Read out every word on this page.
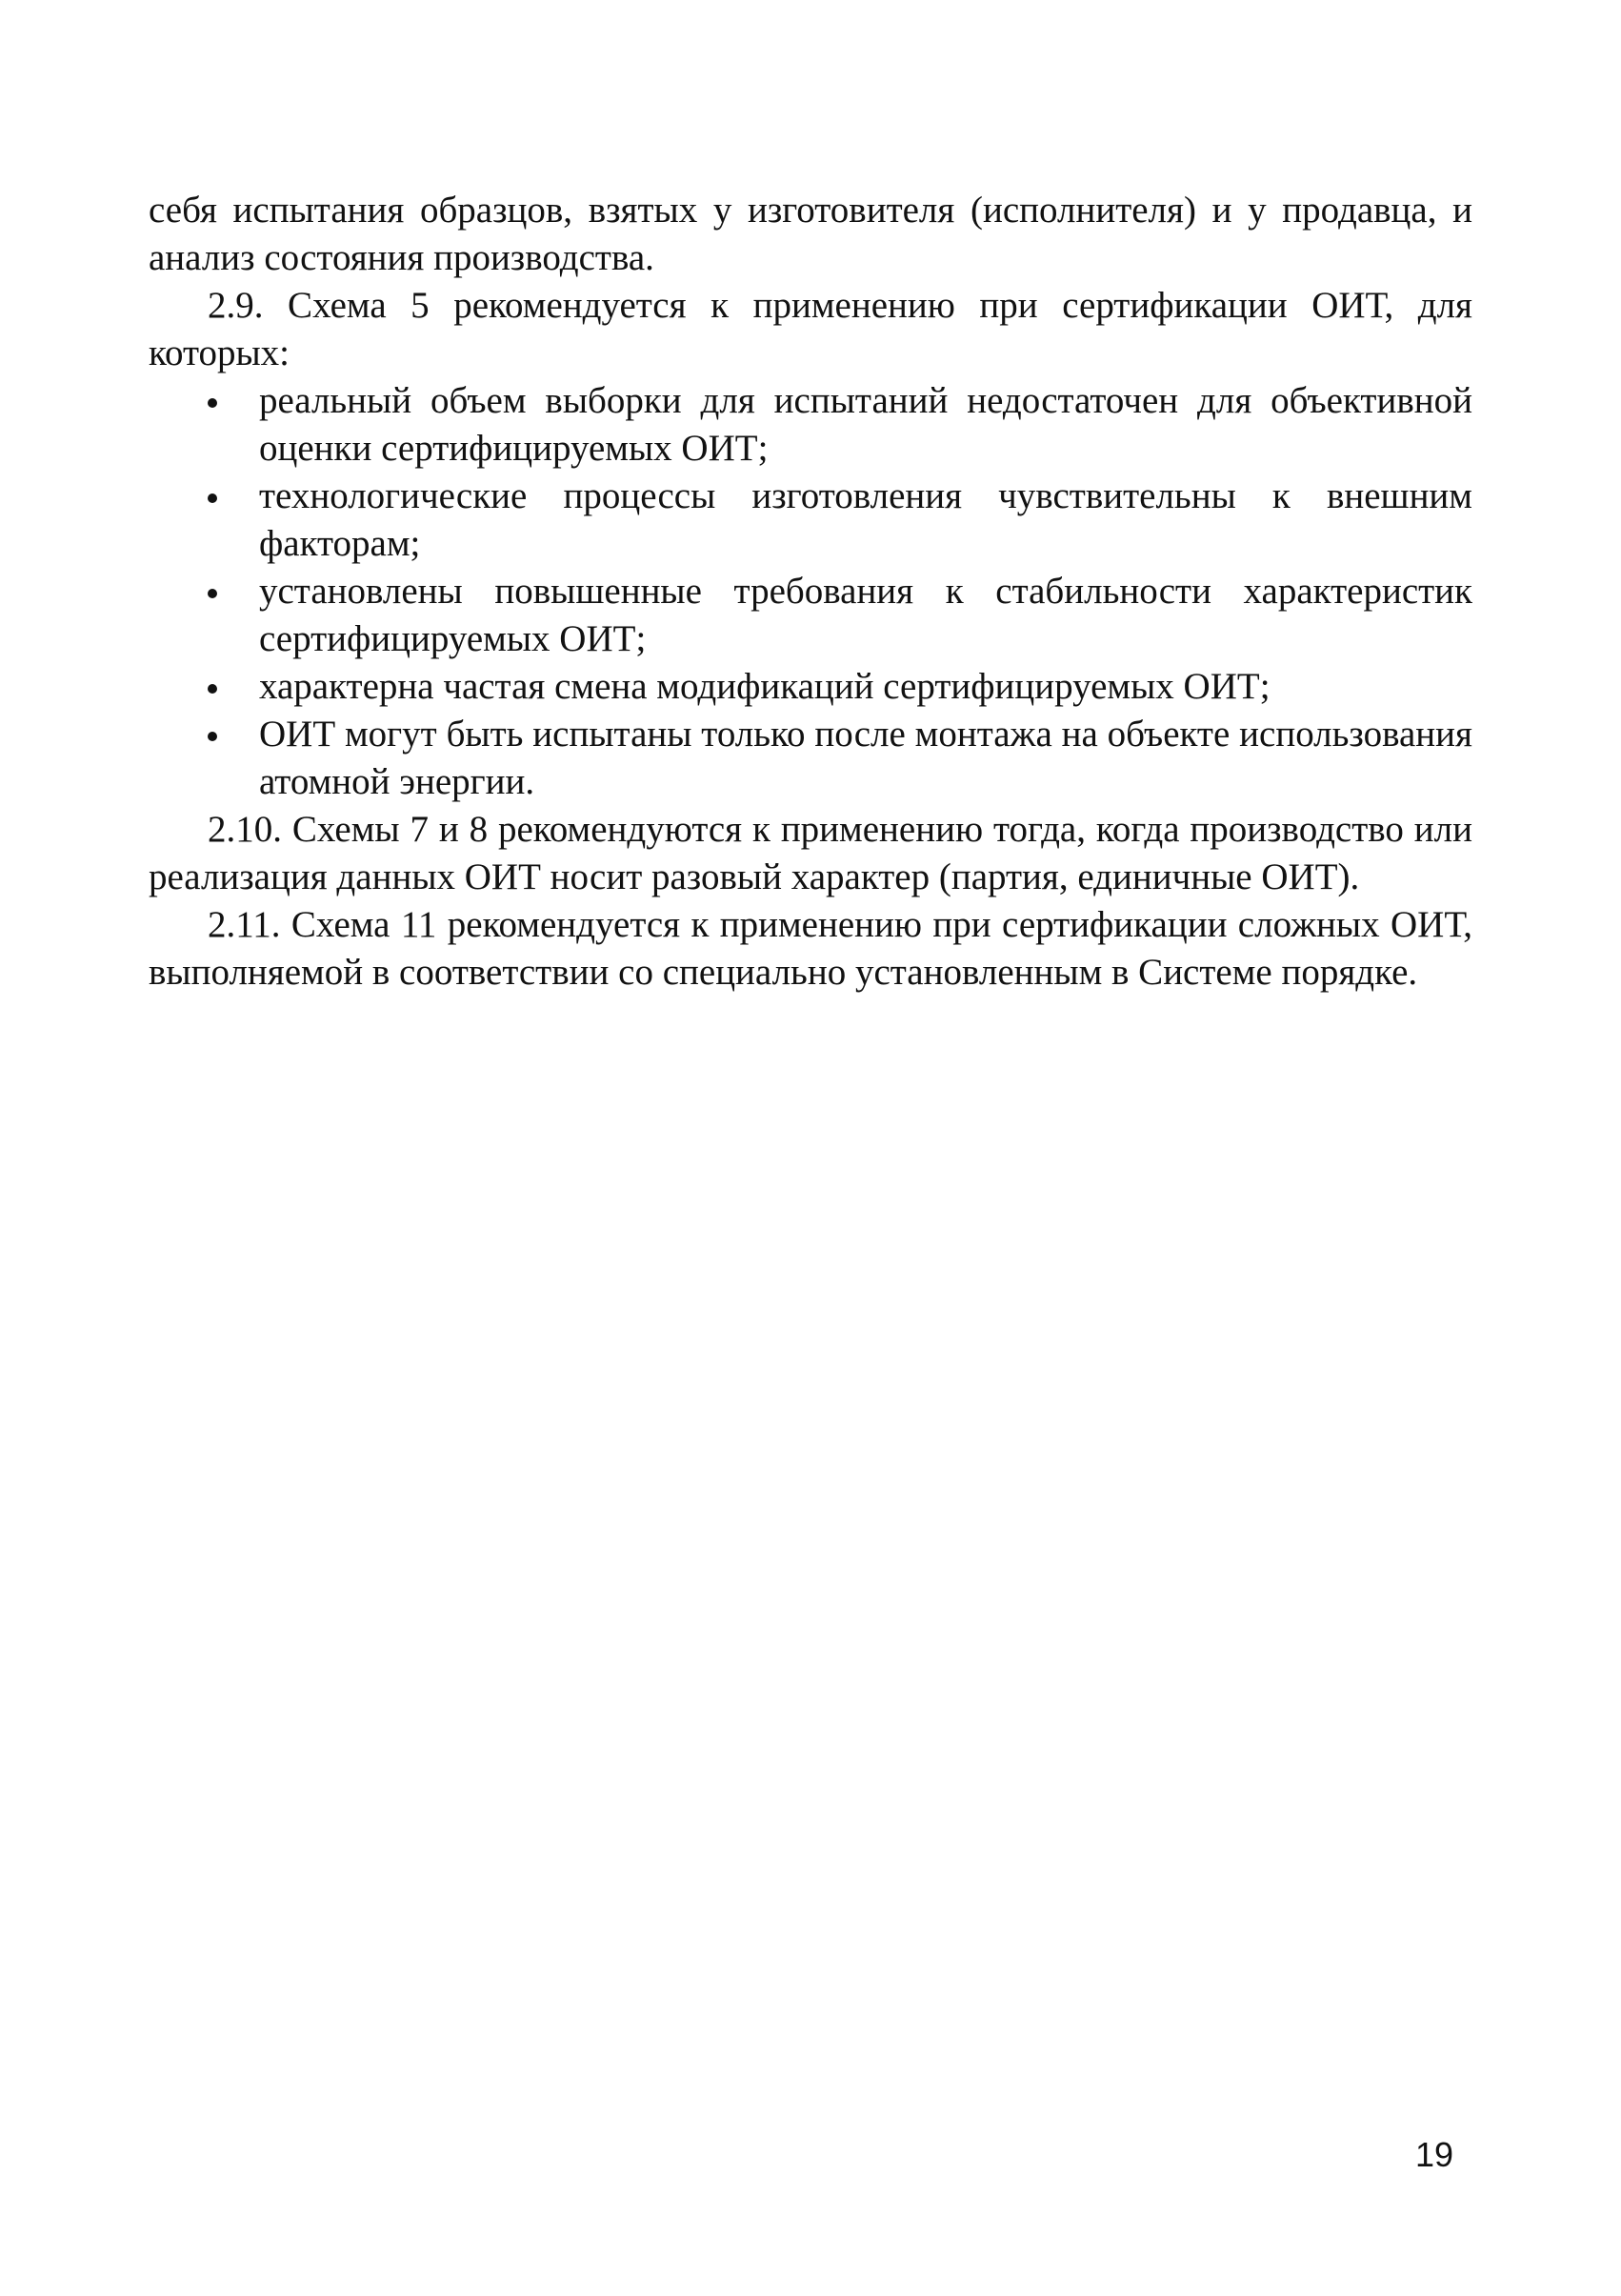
себя испытания образцов, взятых у изготовителя (исполнителя) и у продавца, и анализ состояния производства.

2.9. Схема 5 рекомендуется к применению при сертификации ОИТ, для которых:

реальный объем выборки для испытаний недостаточен для объективной оценки сертифицируемых ОИТ;
технологические процессы изготовления чувствительны к внешним факторам;
установлены повышенные требования к стабильности характеристик сертифицируемых ОИТ;
характерна частая смена модификаций сертифицируемых ОИТ;
ОИТ могут быть испытаны только после монтажа на объекте использования атомной энергии.

2.10. Схемы 7 и 8 рекомендуются к применению тогда, когда производство или реализация данных ОИТ носит разовый характер (партия, единичные ОИТ).

2.11. Схема 11 рекомендуется к применению при сертификации сложных ОИТ, выполняемой в соответствии со специально установленным в Системе порядке.

19
